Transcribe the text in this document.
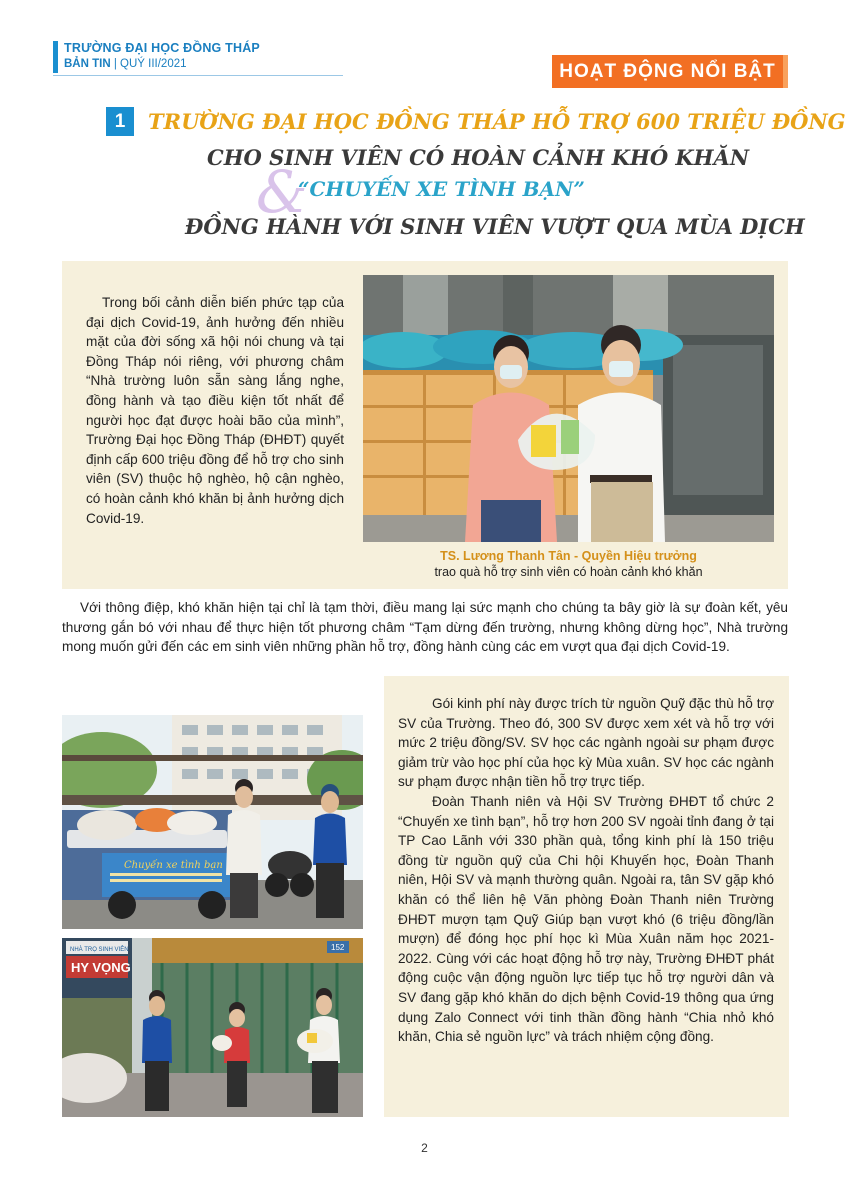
TRƯỜNG ĐẠI HỌC ĐỒNG THÁP
BẢN TIN | QUÝ III/2021	HOẠT ĐỘNG NỔI BẬT
1	TRƯỜNG ĐẠI HỌC ĐỒNG THÁP HỖ TRỢ 600 TRIỆU ĐỒNG
CHO SINH VIÊN CÓ HOÀN CẢNH KHÓ KHĂN
&
“CHUYẾN XE TÌNH BẠN”
ĐỒNG HÀNH VỚI SINH VIÊN VƯỢT QUA MÙA DỊCH
Trong bối cảnh diễn biến phức tạp của đại dịch Covid-19, ảnh hưởng đến nhiều mặt của đời sống xã hội nói chung và tại Đồng Tháp nói riêng, với phương châm “Nhà trường luôn sẵn sàng lắng nghe, đồng hành và tạo điều kiện tốt nhất để người học đạt được hoài bão của mình”, Trường Đại học Đồng Tháp (ĐHĐT) quyết định cấp 600 triệu đồng để hỗ trợ cho sinh viên (SV) thuộc hộ nghèo, hộ cận nghèo, có hoàn cảnh khó khăn bị ảnh hưởng dịch Covid-19.
TS. Lương Thanh Tân - Quyền Hiệu trưởng
trao quà hỗ trợ sinh viên có hoàn cảnh khó khăn
Với thông điệp, khó khăn hiện tại chỉ là tạm thời, điều mang lại sức mạnh cho chúng ta bây giờ là sự đoàn kết, yêu thương gắn bó với nhau để thực hiện tốt phương châm “Tạm dừng đến trường, nhưng không dừng học”, Nhà trường mong muốn gửi đến các em sinh viên những phần hỗ trợ, đồng hành cùng các em vượt qua đại dịch Covid-19.

Gói kinh phí này được trích từ nguồn Quỹ đặc thù hỗ trợ SV của Trường. Theo đó, 300 SV được xem xét và hỗ trợ với mức 2 triệu đồng/SV. SV học các ngành ngoài sư phạm được giảm trừ vào học phí của học kỳ Mùa xuân. SV học các ngành sư phạm được nhận tiền hỗ trợ trực tiếp.

Đoàn Thanh niên và Hội SV Trường ĐHĐT tổ chức 2 “Chuyến xe tình bạn”, hỗ trợ hơn 200 SV ngoài tỉnh đang ở tại TP Cao Lãnh với 330 phần quà, tổng kinh phí là 150 triệu đồng từ nguồn quỹ của Chi hội Khuyến học, Đoàn Thanh niên, Hội SV và mạnh thường quân. Ngoài ra, tân SV gặp khó khăn có thể liên hệ Văn phòng Đoàn Thanh niên Trường ĐHĐT mượn tạm Quỹ Giúp bạn vượt khó (6 triệu đồng/lần mượn) để đóng học phí học kì Mùa Xuân năm học 2021-2022. Cùng với các hoạt động hỗ trợ này, Trường ĐHĐT phát động cuộc vận động nguồn lực tiếp tục hỗ trợ người dân và SV đang gặp khó khăn do dịch bệnh Covid-19 thông qua ứng dụng Zalo Connect với tinh thần đồng hành “Chia nhỏ khó khăn, Chia sẻ nguồn lực” và trách nhiệm cộng đồng.

Chuyến xe tình bạn
NHÀ TRỌ SINH VIÊN
HY VỌNG
152
2
